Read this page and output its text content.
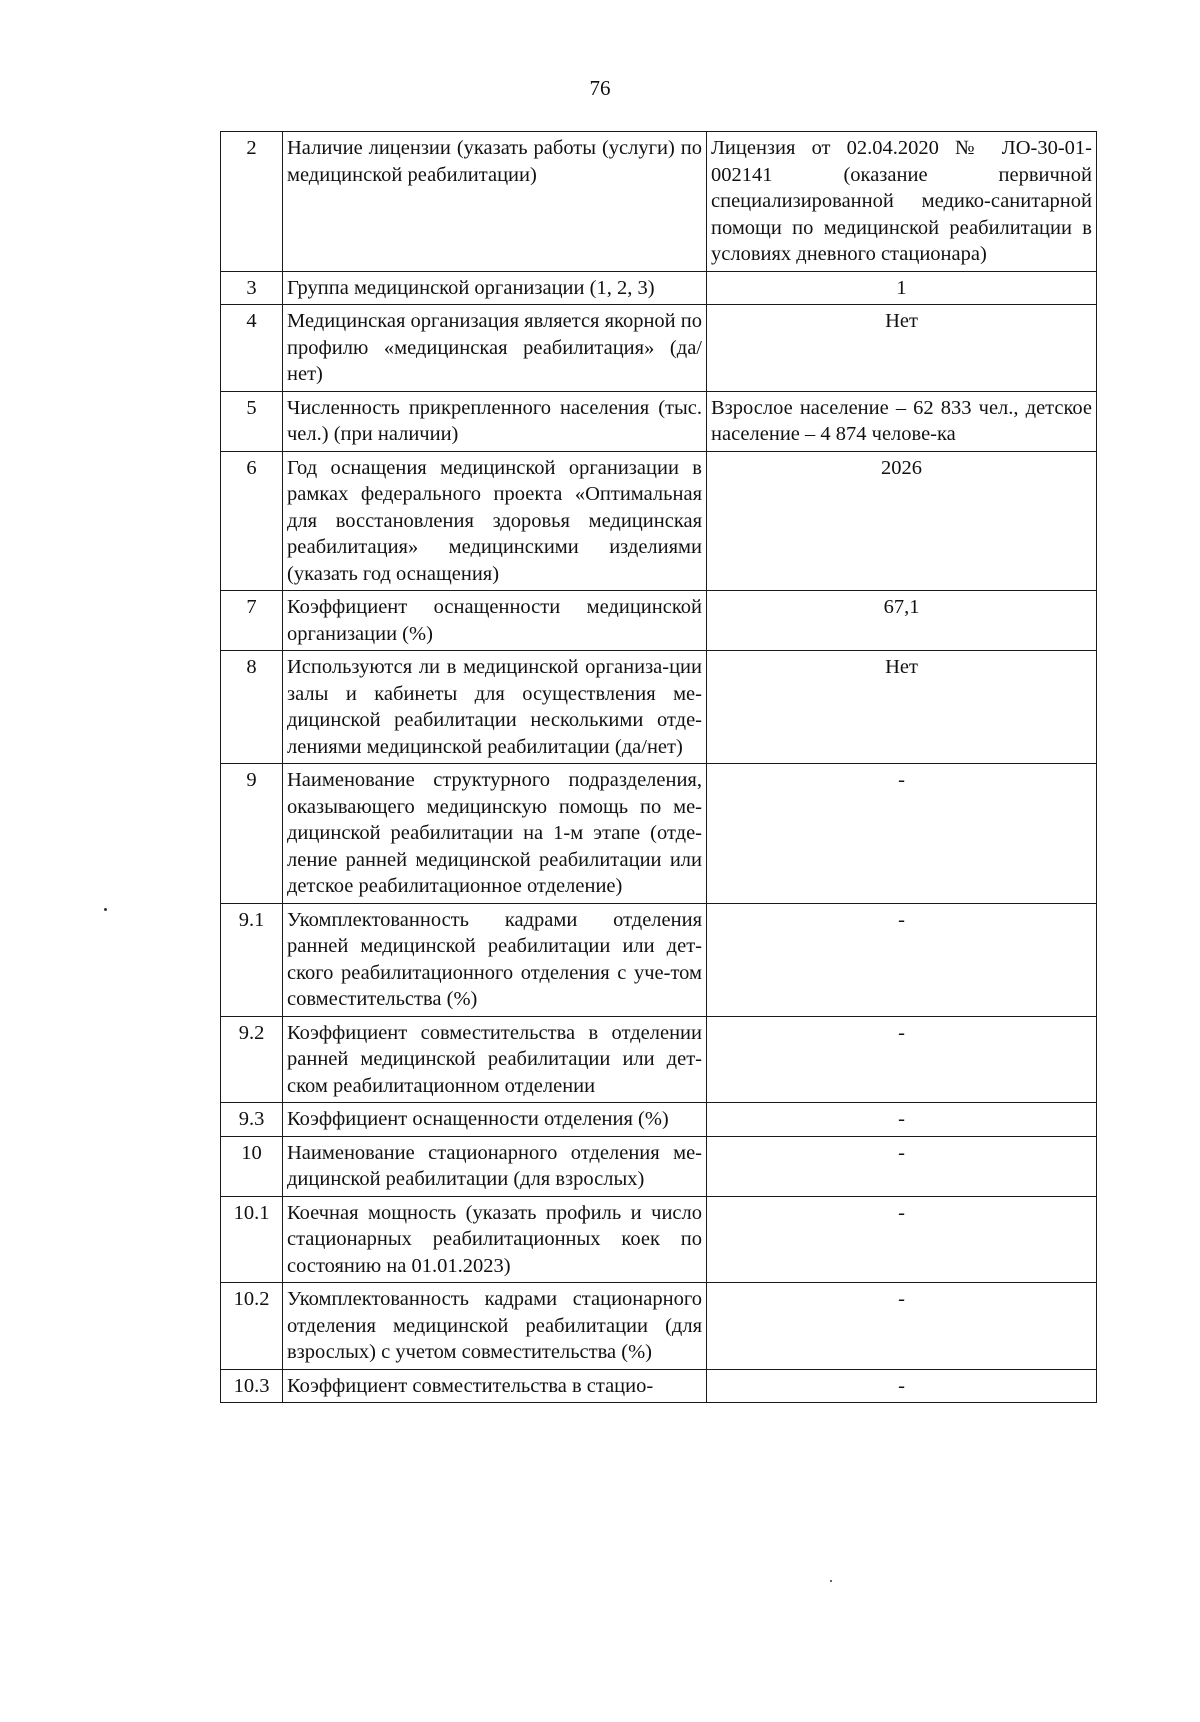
76
2	Наличие лицензии (указать работы (услуги) по медицинской реабилитации)	Лицензия от 02.04.2020 № ЛО-30-01-002141 (оказание первичной специализированной медико-санитарной помощи по медицинской реабилитации в условиях дневного стационара)
3	Группа медицинской организации (1, 2, 3)	1
4	Медицинская организация является якорной по профилю «медицинская реабилитация» (да/нет)	Нет
5	Численность прикрепленного населения (тыс. чел.) (при наличии)	Взрослое население – 62 833 чел., детское население – 4 874 челове-ка
6	Год оснащения медицинской организации в рамках федерального проекта «Оптимальная для восстановления здоровья медицинская реабилитация» медицинскими изделиями (указать год оснащения)	2026
7	Коэффициент оснащенности медицинской организации (%)	67,1
8	Используются ли в медицинской организа-ции залы и кабинеты для осуществления ме-дицинской реабилитации несколькими отде-лениями медицинской реабилитации (да/нет)	Нет
9	Наименование структурного подразделения, оказывающего медицинскую помощь по ме-дицинской реабилитации на 1-м этапе (отде-ление ранней медицинской реабилитации или детское реабилитационное отделение)	-
9.1	Укомплектованность кадрами отделения ранней медицинской реабилитации или дет-ского реабилитационного отделения с уче-том совместительства (%)	-
9.2	Коэффициент совместительства в отделении ранней медицинской реабилитации или дет-ском реабилитационном отделении	-
9.3	Коэффициент оснащенности отделения (%)	-
10	Наименование стационарного отделения ме-дицинской реабилитации (для взрослых)	-
10.1	Коечная мощность (указать профиль и число стационарных реабилитационных коек по состоянию на 01.01.2023)	-
10.2	Укомплектованность кадрами стационарного отделения медицинской реабилитации (для взрослых) с учетом совместительства (%)	-
10.3	Коэффициент совместительства в стацио-	-
